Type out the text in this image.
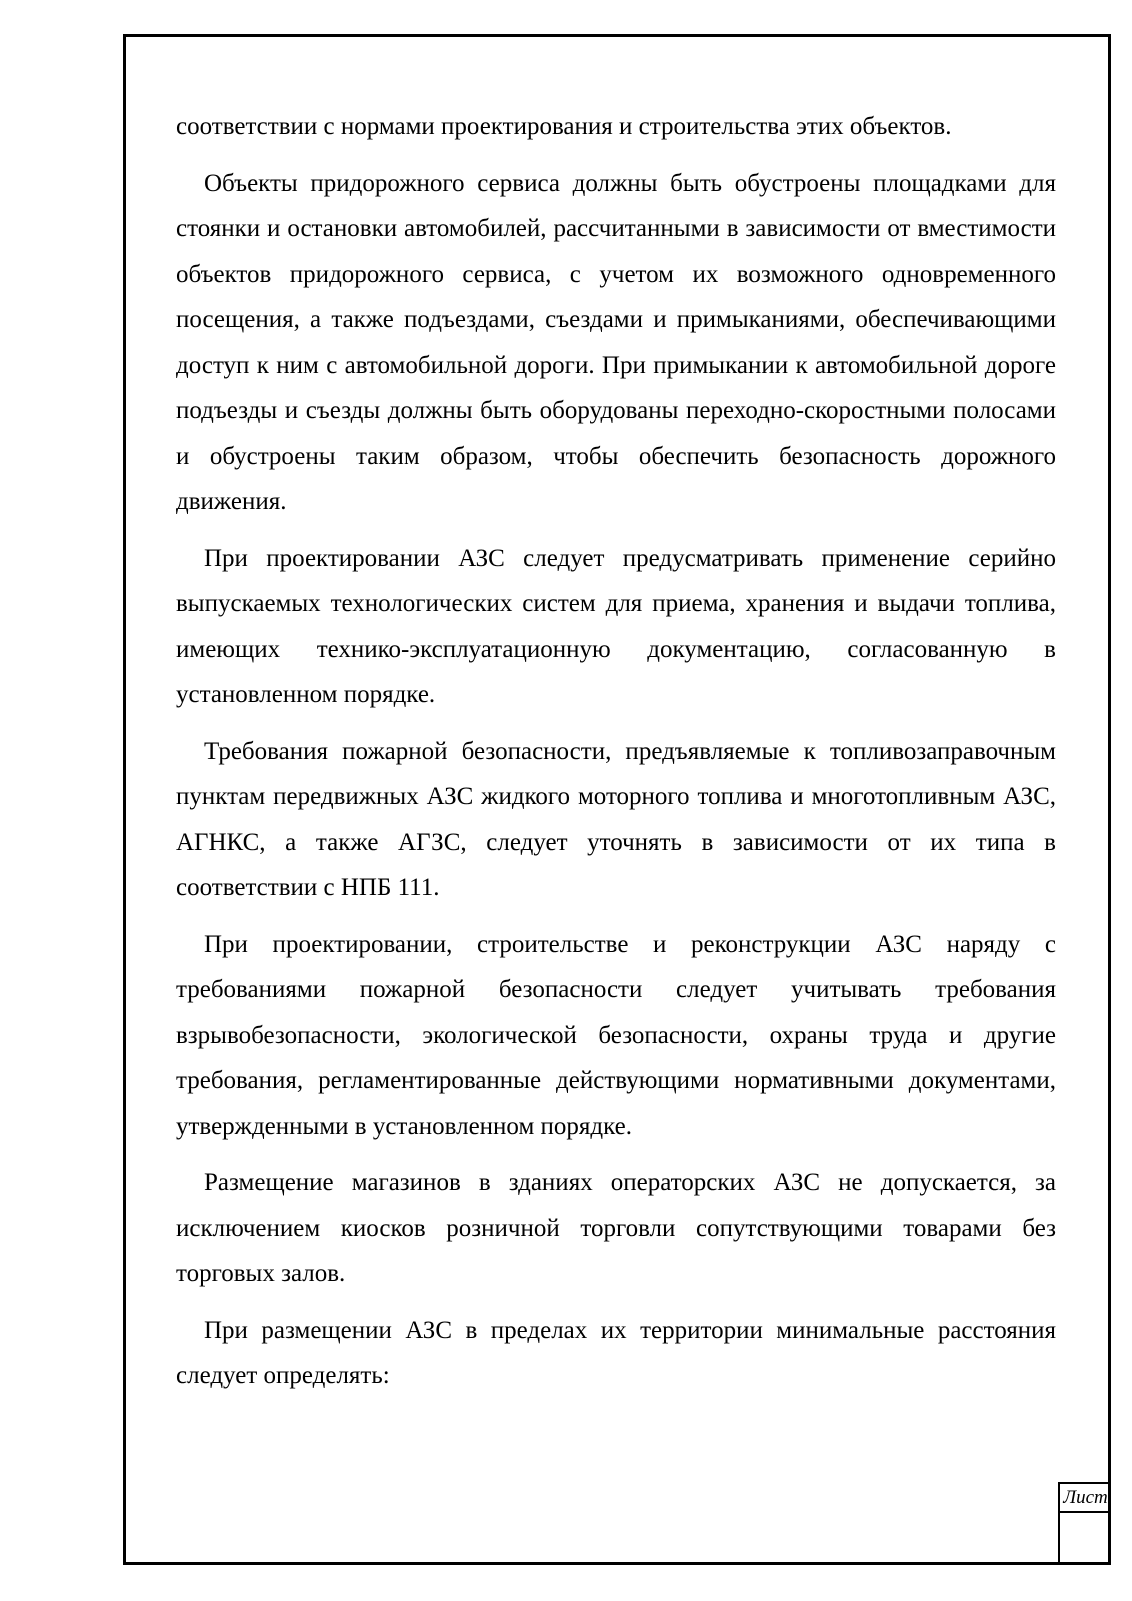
соответствии с нормами проектирования и строительства этих объектов.

Объекты придорожного сервиса должны быть обустроены площадками для стоянки и остановки автомобилей, рассчитанными в зависимости от вместимости объектов придорожного сервиса, с учетом их возможного одновременного посещения, а также подъездами, съездами и примыканиями, обеспечивающими доступ к ним с автомобильной дороги. При примыкании к автомобильной дороге подъезды и съезды должны быть оборудованы переходно-скоростными полосами и обустроены таким образом, чтобы обеспечить безопасность дорожного движения.

При проектировании АЗС следует предусматривать применение серийно выпускаемых технологических систем для приема, хранения и выдачи топлива, имеющих технико-эксплуатационную документацию, согласованную в установленном порядке.

Требования пожарной безопасности, предъявляемые к топливозаправочным пунктам передвижных АЗС жидкого моторного топлива и многотопливным АЗС, АГНКС, а также АГЗС, следует уточнять в зависимости от их типа в соответствии с НПБ 111.

При проектировании, строительстве и реконструкции АЗС наряду с требованиями пожарной безопасности следует учитывать требования взрывобезопасности, экологической безопасности, охраны труда и другие требования, регламентированные действующими нормативными документами, утвержденными в установленном порядке.

Размещение магазинов в зданиях операторских АЗС не допускается, за исключением киосков розничной торговли сопутствующими товарами без торговых залов.

При размещении АЗС в пределах их территории минимальные расстояния следует определять:

Лист
